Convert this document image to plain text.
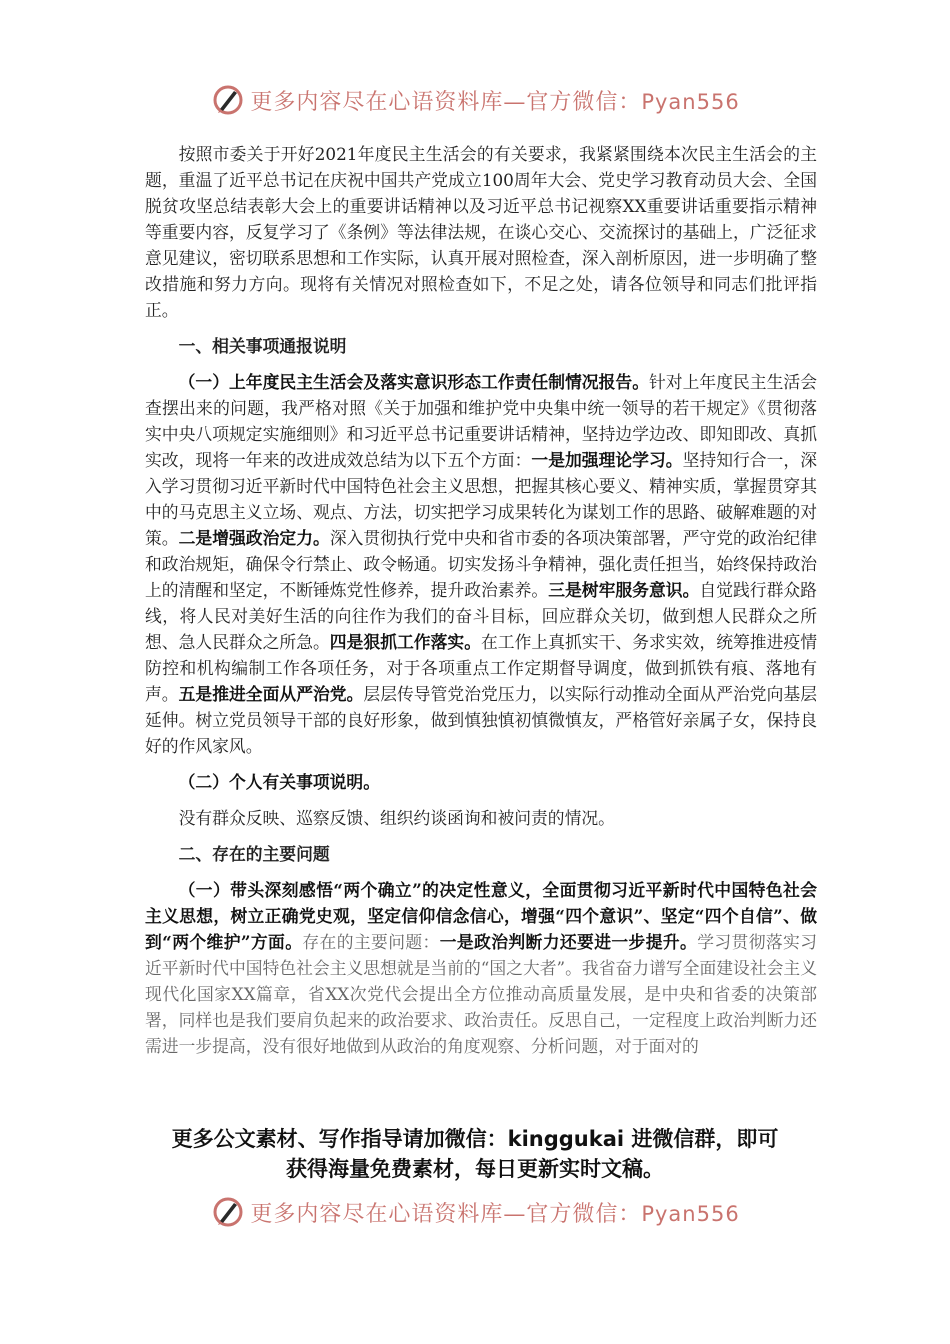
更多内容尽在心语资料库—官方微信：Pyan556

按照市委关于开好2021年度民主生活会的有关要求，我紧紧围绕本次民主生活会的主题，重温了近平总书记在庆祝中国共产党成立100周年大会、党史学习教育动员大会、全国脱贫攻坚总结表彰大会上的重要讲话精神以及习近平总书记视察XX重要讲话重要指示精神等重要内容，反复学习了《条例》等法律法规，在谈心交心、交流探讨的基础上，广泛征求意见建议，密切联系思想和工作实际，认真开展对照检查，深入剖析原因，进一步明确了整改措施和努力方向。现将有关情况对照检查如下，不足之处，请各位领导和同志们批评指正。

一、相关事项通报说明

（一）上年度民主生活会及落实意识形态工作责任制情况报告。针对上年度民主生活会查摆出来的问题，我严格对照《关于加强和维护党中央集中统一领导的若干规定》《贯彻落实中央八项规定实施细则》和习近平总书记重要讲话精神，坚持边学边改、即知即改、真抓实改，现将一年来的改进成效总结为以下五个方面：一是加强理论学习。坚持知行合一，深入学习贯彻习近平新时代中国特色社会主义思想，把握其核心要义、精神实质，掌握贯穿其中的马克思主义立场、观点、方法，切实把学习成果转化为谋划工作的思路、破解难题的对策。二是增强政治定力。深入贯彻执行党中央和省市委的各项决策部署，严守党的政治纪律和政治规矩，确保令行禁止、政令畅通。切实发扬斗争精神，强化责任担当，始终保持政治上的清醒和坚定，不断锤炼党性修养，提升政治素养。三是树牢服务意识。自觉践行群众路线，将人民对美好生活的向往作为我们的奋斗目标，回应群众关切，做到想人民群众之所想、急人民群众之所急。四是狠抓工作落实。在工作上真抓实干、务求实效，统筹推进疫情防控和机构编制工作各项任务，对于各项重点工作定期督导调度，做到抓铁有痕、落地有声。五是推进全面从严治党。层层传导管党治党压力，以实际行动推动全面从严治党向基层延伸。树立党员领导干部的良好形象，做到慎独慎初慎微慎友，严格管好亲属子女，保持良好的作风家风。

（二）个人有关事项说明。

没有群众反映、巡察反馈、组织约谈函询和被问责的情况。

二、存在的主要问题

（一）带头深刻感悟“两个确立”的决定性意义，全面贯彻习近平新时代中国特色社会主义思想，树立正确党史观，坚定信仰信念信心，增强“四个意识”、坚定“四个自信”、做到“两个维护”方面。存在的主要问题：一是政治判断力还要进一步提升。学习贯彻落实习近平新时代中国特色社会主义思想就是当前的“国之大者”。我省奋力谱写全面建设社会主义现代化国家XX篇章，省XX次党代会提出全方位推动高质量发展，是中央和省委的决策部署，同样也是我们要肩负起来的政治要求、政治责任。反思自己，一定程度上政治判断力还需进一步提高，没有很好地做到从政治的角度观察、分析问题，对于面对的

更多公文素材、写作指导请加微信：kinggukai 进微信群，即可
获得海量免费素材，每日更新实时文稿。
更多内容尽在心语资料库—官方微信：Pyan556
